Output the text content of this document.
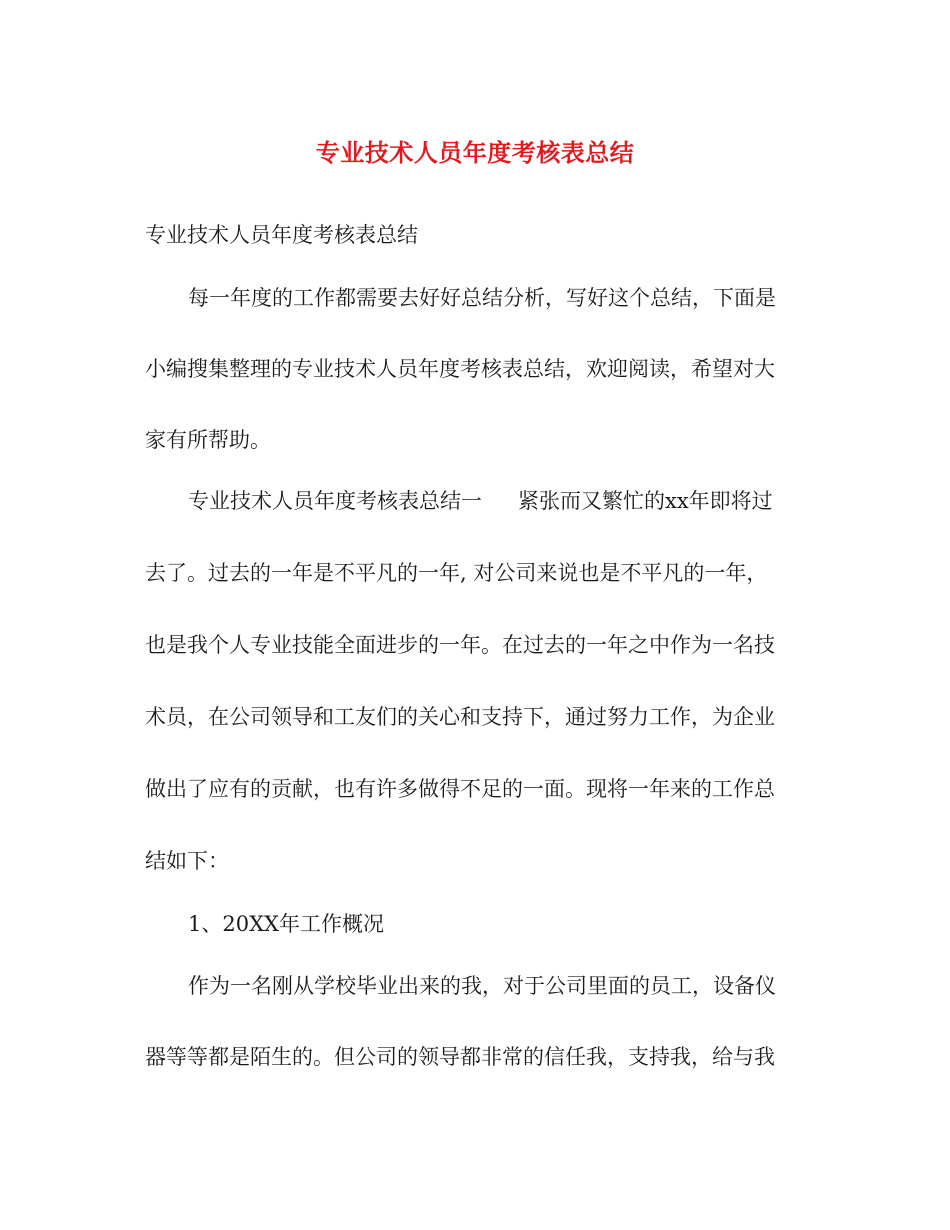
专业技术人员年度考核表总结
专业技术人员年度考核表总结
每一年度的工作都需要去好好总结分析，写好这个总结，下面是
小编搜集整理的专业技术人员年度考核表总结，欢迎阅读，希望对大
家有所帮助。
专业技术人员年度考核表总结一 紧张而又繁忙的xx年即将过
去了。过去的一年是不平凡的一年, 对公司来说也是不平凡的一年，
也是我个人专业技能全面进步的一年。在过去的一年之中作为一名技
术员，在公司领导和工友们的关心和支持下，通过努力工作，为企业
做出了应有的贡献，也有许多做得不足的一面。现将一年来的工作总
结如下：
1、20XX年工作概况
作为一名刚从学校毕业出来的我，对于公司里面的员工，设备仪
器等等都是陌生的。但公司的领导都非常的信任我，支持我，给与我
